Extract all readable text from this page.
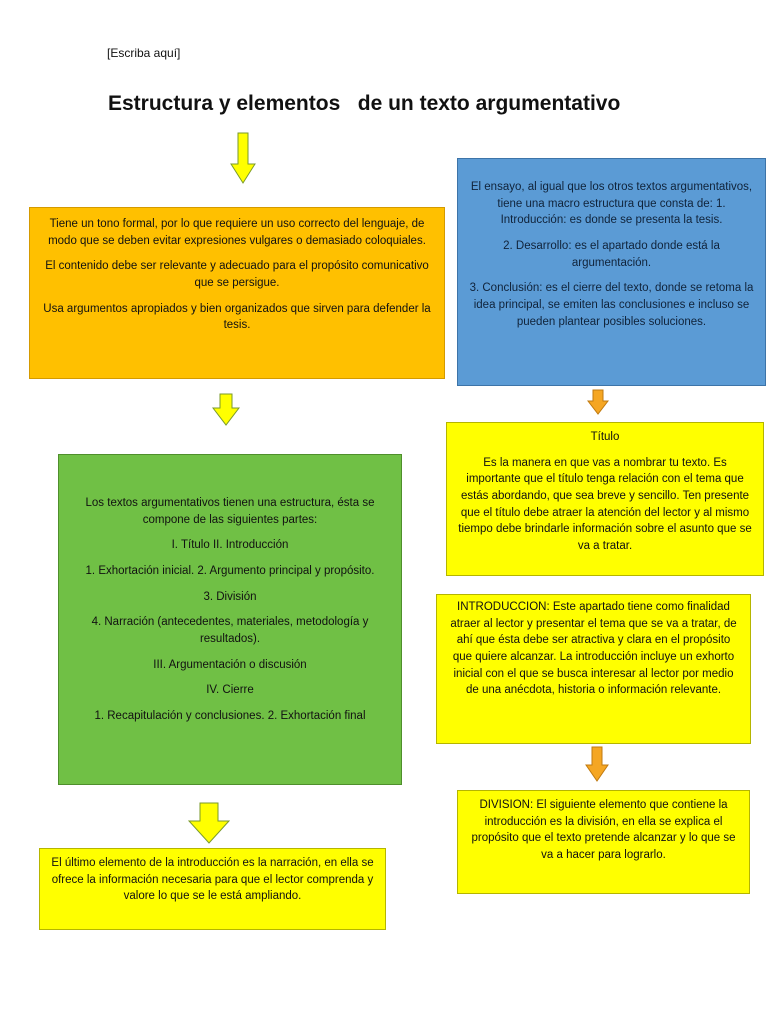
[Escriba aquí]
Estructura y elementos   de un texto argumentativo

Tiene un tono formal, por lo que requiere un uso correcto del lenguaje, de modo que se deben evitar expresiones vulgares o demasiado coloquiales.

El contenido debe ser relevante y adecuado para el propósito comunicativo que se persigue.

Usa argumentos apropiados y bien organizados que sirven para defender la tesis.

El ensayo, al igual que los otros textos argumentativos, tiene una macro estructura que consta de: 1. Introducción: es donde se presenta la tesis.

2. Desarrollo: es el apartado donde está la argumentación.

3. Conclusión: es el cierre del texto, donde se retoma la idea principal, se emiten las conclusiones e incluso se pueden plantear posibles soluciones.

Los textos argumentativos tienen una estructura, ésta se compone de las siguientes partes:

I. Título II. Introducción

1. Exhortación inicial. 2. Argumento principal y propósito.

3. División

4. Narración (antecedentes, materiales, metodología y resultados).

III. Argumentación o discusión

IV. Cierre

1. Recapitulación y conclusiones. 2. Exhortación final

Título

Es la manera en que vas a nombrar tu texto. Es importante que el título tenga relación con el tema que estás abordando, que sea breve y sencillo. Ten presente que el título debe atraer la atención del lector y al mismo tiempo debe brindarle información sobre el asunto que se va a tratar.

INTRODUCCION: Este apartado tiene como finalidad atraer al lector y presentar el tema que se va a tratar, de ahí que ésta debe ser atractiva y clara en el propósito que quiere alcanzar. La introducción incluye un exhorto inicial con el que se busca interesar al lector por medio de una anécdota, historia o información relevante.

DIVISION: El siguiente elemento que contiene la introducción es la división, en ella se explica el propósito que el texto pretende alcanzar y lo que se va a hacer para lograrlo.

El último elemento de la introducción es la narración, en ella se ofrece la información necesaria para que el lector comprenda y valore lo que se le está ampliando.
